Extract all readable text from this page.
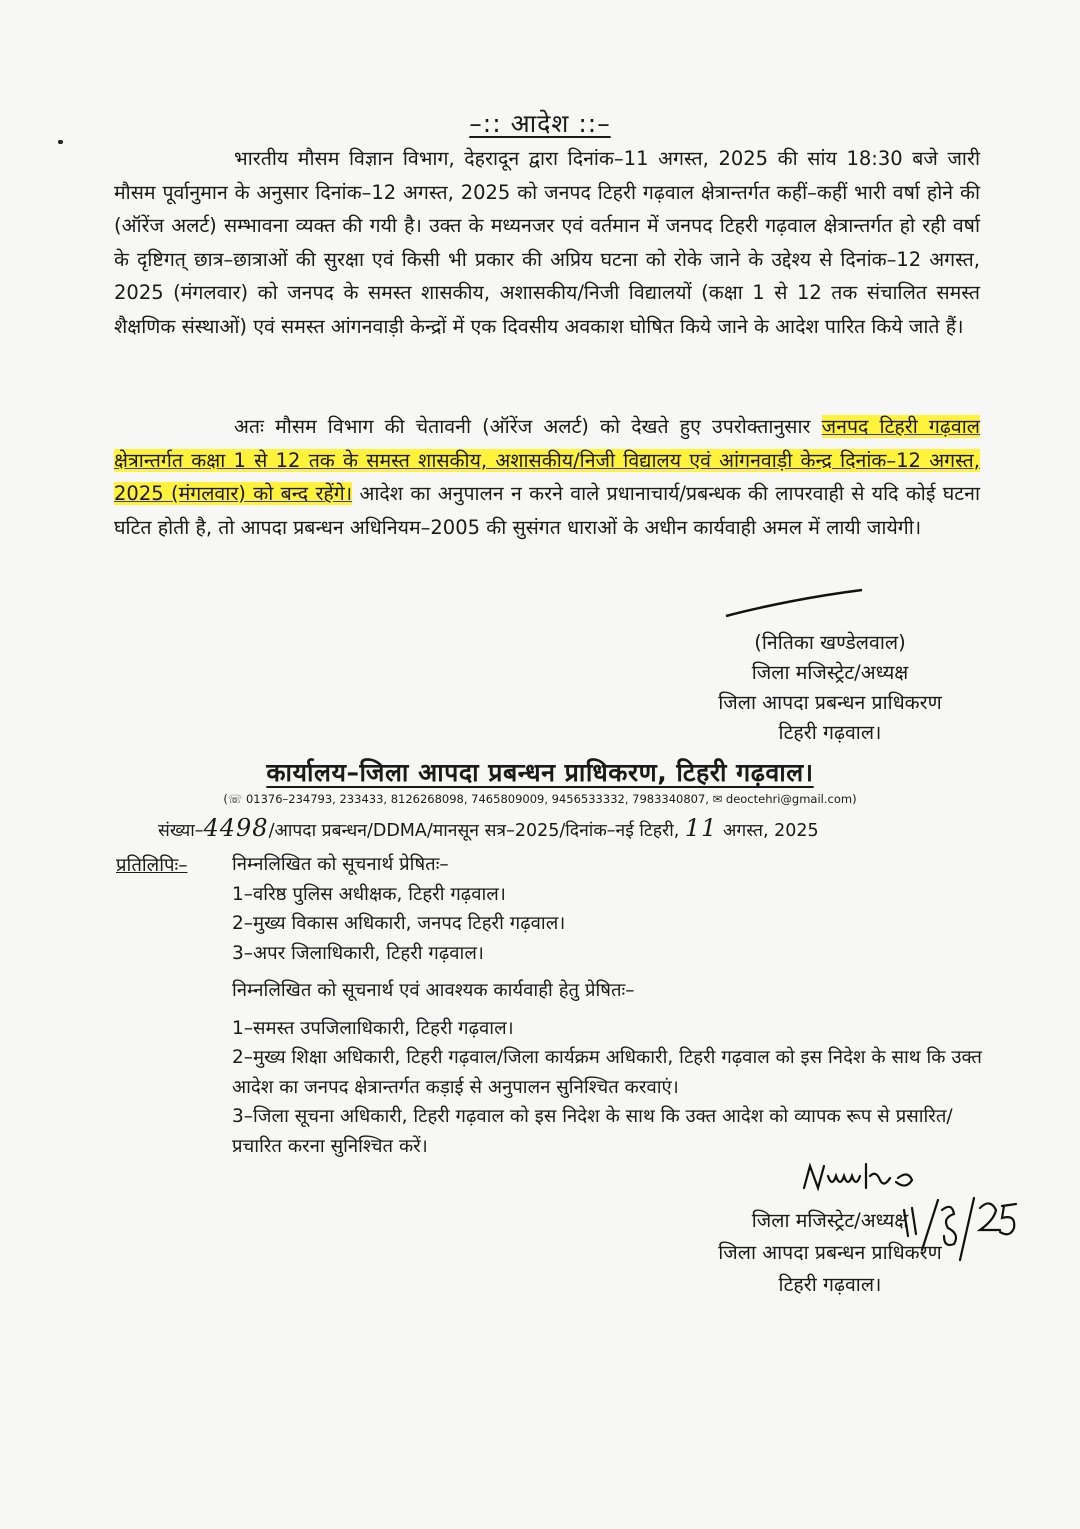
–:: आदेश ::–
भारतीय मौसम विज्ञान विभाग, देहरादून द्वारा दिनांक–11 अगस्त, 2025 की सांय 18:30 बजे जारी मौसम पूर्वानुमान के अनुसार दिनांक–12 अगस्त, 2025 को जनपद टिहरी गढ़वाल क्षेत्रान्तर्गत कहीं–कहीं भारी वर्षा होने की (ऑरेंज अलर्ट) सम्भावना व्यक्त की गयी है। उक्त के मध्यनजर एवं वर्तमान में जनपद टिहरी गढ़वाल क्षेत्रान्तर्गत हो रही वर्षा के दृष्टिगत् छात्र–छात्राओं की सुरक्षा एवं किसी भी प्रकार की अप्रिय घटना को रोके जाने के उद्देश्य से दिनांक–12 अगस्त, 2025 (मंगलवार) को जनपद के समस्त शासकीय, अशासकीय/निजी विद्यालयों (कक्षा 1 से 12 तक संचालित समस्त शैक्षणिक संस्थाओं) एवं समस्त आंगनवाड़ी केन्द्रों में एक दिवसीय अवकाश घोषित किये जाने के आदेश पारित किये जाते हैं।
अतः मौसम विभाग की चेतावनी (ऑरेंज अलर्ट) को देखते हुए उपरोक्तानुसार जनपद टिहरी गढ़वाल क्षेत्रान्तर्गत कक्षा 1 से 12 तक के समस्त शासकीय, अशासकीय/निजी विद्यालय एवं आंगनवाड़ी केन्द्र दिनांक–12 अगस्त, 2025 (मंगलवार) को बन्द रहेंगे। आदेश का अनुपालन न करने वाले प्रधानाचार्य/प्रबन्धक की लापरवाही से यदि कोई घटना घटित होती है, तो आपदा प्रबन्धन अधिनियम–2005 की सुसंगत धाराओं के अधीन कार्यवाही अमल में लायी जायेगी।
(नितिका खण्डेलवाल)
जिला मजिस्ट्रेट/अध्यक्ष
जिला आपदा प्रबन्धन प्राधिकरण
टिहरी गढ़वाल।
कार्यालय–जिला आपदा प्रबन्धन प्राधिकरण, टिहरी गढ़वाल।
(☏ 01376–234793, 233433, 8126268098, 7465809009, 9456533332, 7983340807, ✉ deoctehri@gmail.com)
संख्या–4498/आपदा प्रबन्धन/DDMA/मानसून सत्र–2025/दिनांक–नई टिहरी, 11 अगस्त, 2025
प्रतिलिपिः– निम्नलिखित को सूचनार्थ प्रेषितः–
1–वरिष्ठ पुलिस अधीक्षक, टिहरी गढ़वाल।
2–मुख्य विकास अधिकारी, जनपद टिहरी गढ़वाल।
3–अपर जिलाधिकारी, टिहरी गढ़वाल।
निम्नलिखित को सूचनार्थ एवं आवश्यक कार्यवाही हेतु प्रेषितः–
1–समस्त उपजिलाधिकारी, टिहरी गढ़वाल।
2–मुख्य शिक्षा अधिकारी, टिहरी गढ़वाल/जिला कार्यक्रम अधिकारी, टिहरी गढ़वाल को इस निदेश के साथ कि उक्त आदेश का जनपद क्षेत्रान्तर्गत कड़ाई से अनुपालन सुनिश्चित करवाएं।
3–जिला सूचना अधिकारी, टिहरी गढ़वाल को इस निदेश के साथ कि उक्त आदेश को व्यापक रूप से प्रसारित/प्रचारित करना सुनिश्चित करें।
जिला मजिस्ट्रेट/अध्यक्ष
जिला आपदा प्रबन्धन प्राधिकरण
टिहरी गढ़वाल।
